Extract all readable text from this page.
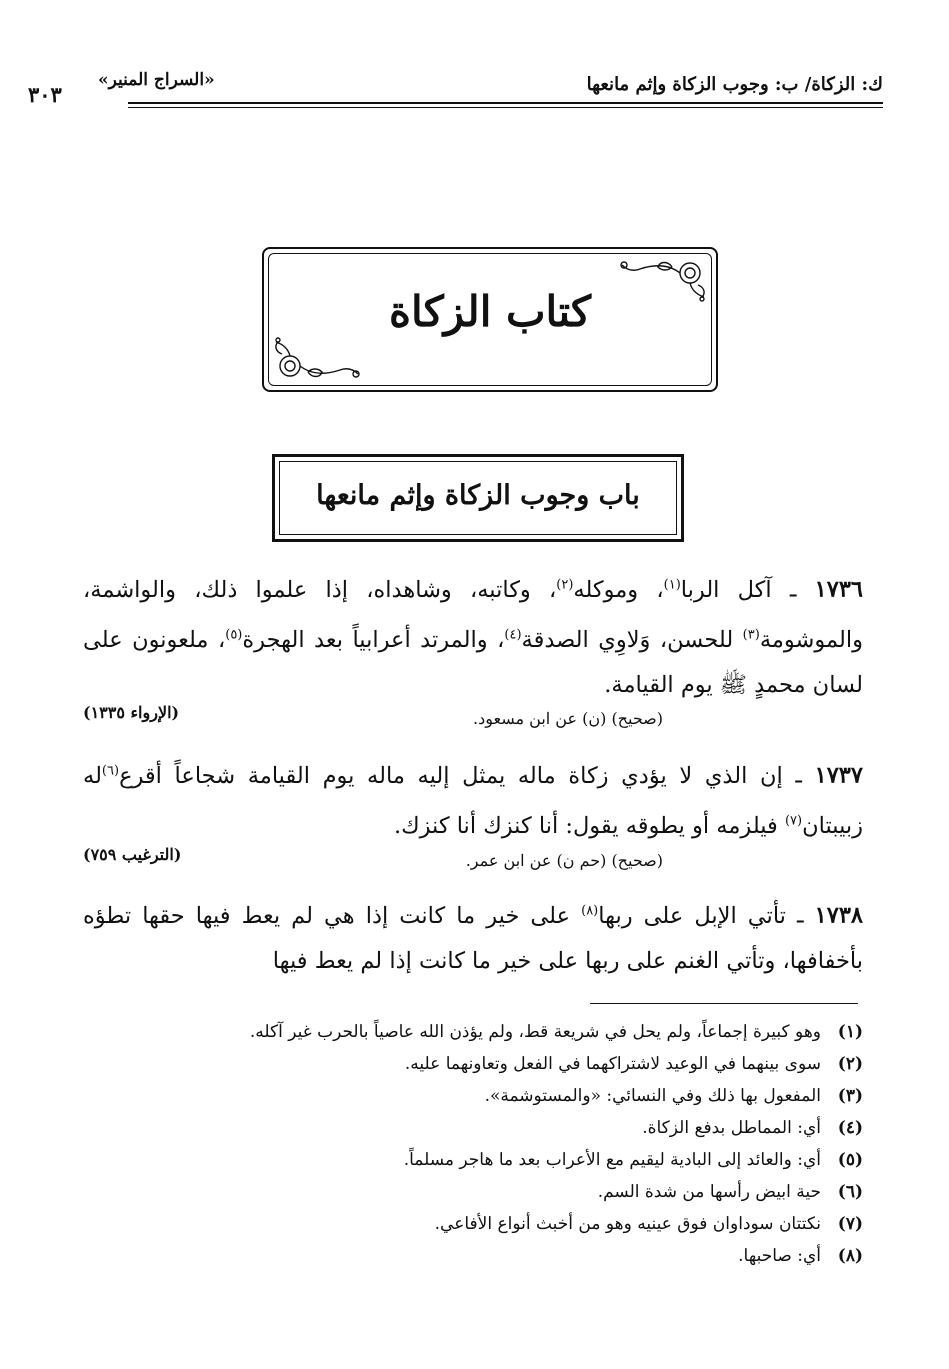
ك: الزكاة/ ب: وجوب الزكاة وإثم مانعها
«السراج المنير»
٣٠٣
كتاب الزكاة
باب وجوب الزكاة وإثم مانعها
١٧٣٦ ـ آكل الربا$^{(١)}$، وموكله$^{(٢)}$، وكاتبه، وشاهداه، إذا علموا ذلك، والواشمة، والموشومة$^{(٣)}$ للحسن، وَلاوِي الصدقة$^{(٤)}$، والمرتد أعرابياً بعد الهجرة$^{(٥)}$، ملعونون على لسان محمدٍ ﷺ يوم القيامة.
(صحيح) (ن) عن ابن مسعود.
(الإرواء ١٣٣٥)
١٧٣٧ ـ إن الذي لا يؤدي زكاة ماله يمثل إليه ماله يوم القيامة شجاعاً أقرع$^{(٦)}$له زبيبتان$^{(٧)}$ فيلزمه أو يطوقه يقول: أنا كنزك أنا كنزك.
(صحيح) (حم ن) عن ابن عمر.
(الترغيب ٧٥٩)
١٧٣٨ ـ تأتي الإبل على ربها$^{(٨)}$ على خير ما كانت إذا هي لم يعط فيها حقها تطؤه بأخفافها، وتأتي الغنم على ربها على خير ما كانت إذا لم يعط فيها
(١)وهو كبيرة إجماعاً، ولم يحل في شريعة قط، ولم يؤذن الله عاصياً بالحرب غير آكله.
(٢)سوى بينهما في الوعيد لاشتراكهما في الفعل وتعاونهما عليه.
(٣)المفعول بها ذلك وفي النسائي: «والمستوشمة».
(٤)أي: المماطل بدفع الزكاة.
(٥)أي: والعائد إلى البادية ليقيم مع الأعراب بعد ما هاجر مسلماً.
(٦)حية ابيض رأسها من شدة السم.
(٧)نكتتان سوداوان فوق عينيه وهو من أخبث أنواع الأفاعي.
(٨)أي: صاحبها.
